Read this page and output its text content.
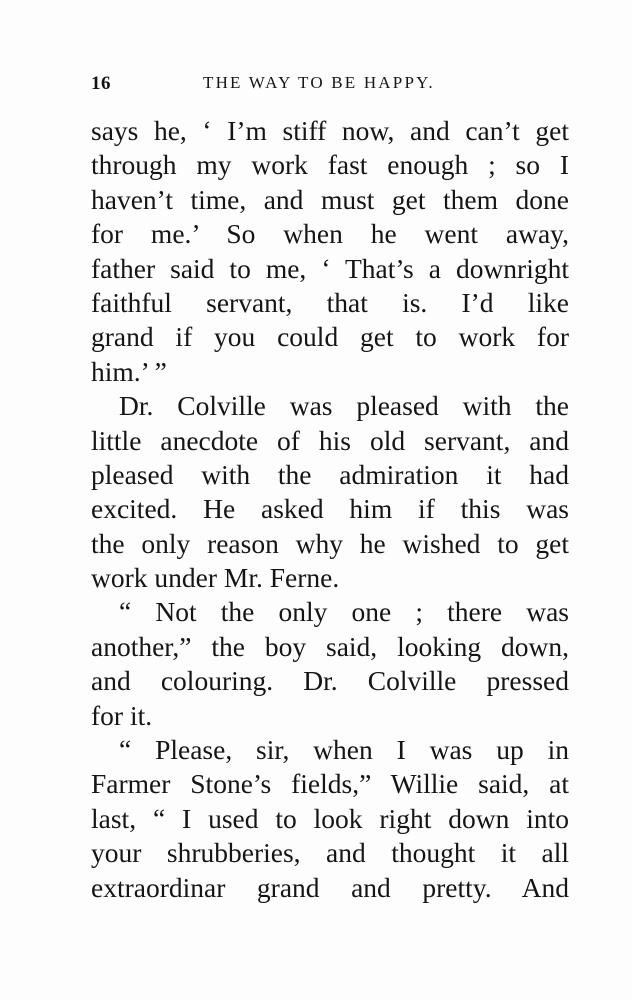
16	THE WAY TO BE HAPPY.
says he, ‘ I’m stiff now, and can’t get
through my work fast enough ; so I
haven’t time, and must get them done
for me.’ So when he went away,
father said to me, ‘ That’s a downright
faithful servant, that is. I’d like
grand if you could get to work for
him.’ ”
Dr. Colville was pleased with the
little anecdote of his old servant, and
pleased with the admiration it had
excited. He asked him if this was
the only reason why he wished to get
work under Mr. Ferne.
“ Not the only one ; there was
another,” the boy said, looking down,
and colouring. Dr. Colville pressed
for it.
“ Please, sir, when I was up in
Farmer Stone’s fields,” Willie said, at
last, “ I used to look right down into
your shrubberies, and thought it all
extraordinar grand and pretty. And
